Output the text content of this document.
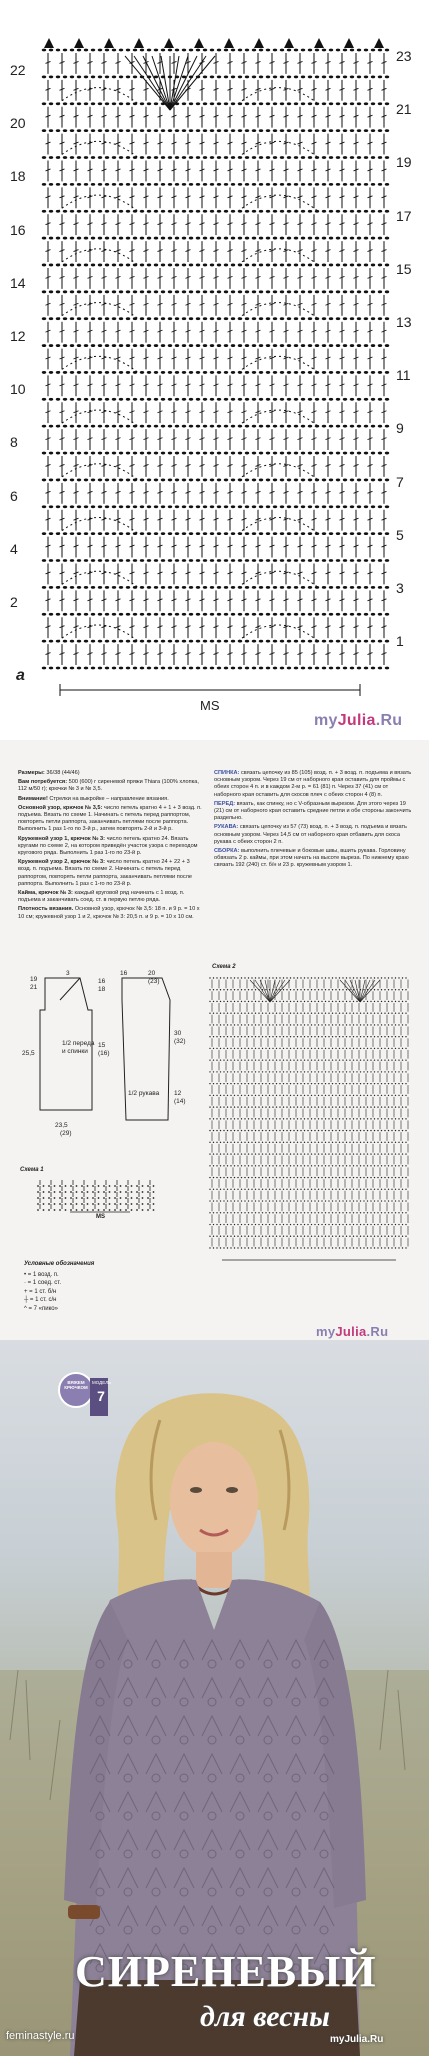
22
20
18
16
14
12
10
8
6
4
2
23
21
19
17
15
13
11
9
7
5
3
1
a
MS
myJulia.Ru

Размеры: 36/38 (44/46)

Вам потребуется: 500 (600) г сиреневой пряжи Thiara (100% хлопка, 112 м/50 г); крючки № 3 и № 3,5.

Внимание! Стрелки на выкройке – направление вязания.

Основной узор, крючок № 3,5: число петель кратно 4 + 1 + 3 возд. п. подъема. Вязать по схеме 1. Начинать с петель перед раппортом, повторять петли раппорта, заканчивать петлями после раппорта. Выполнить 1 раз 1-го по 3-й р., затем повторять 2-й и 3-й р.

Кружевной узор 1, крючок № 3: число петель кратно 24. Вязать кругами по схеме 2, на котором приведён участок узора с переходом кругового ряда. Выполнить 1 раз 1-го по 23-й р.

Кружевной узор 2, крючок № 3: число петель кратно 24 + 22 + 3 возд. п. подъема. Вязать по схеме 2. Начинать с петель перед раппортом, повторять петли раппорта, заканчивать петлями после раппорта. Выполнить 1 раз с 1-го по 23-й р.

Кайма, крючок № 3: каждый круговой ряд начинать с 1 возд. п. подъема и заканчивать соед. ст. в первую петлю ряда.

Плотность вязания. Основной узор, крючок № 3,5: 18 п. и 9 р. = 10 х 10 см; кружевной узор 1 и 2, крючок № 3: 20,5 п. и 9 р. = 10 х 10 см.

СПИНКА: связать цепочку из 85 (105) возд. п. + 3 возд. п. подъема и вязать основным узором. Через 19 см от наборного края оставить для проймы с обеих сторон 4 п. и в каждом 2-м р. = 61 (81) п. Через 37 (41) см от наборного края оставить для скосов плеч с обеих сторон 4 (8) п.

ПЕРЕД: вязать, как спинку, но с V-образным вырезом. Для этого через 19 (21) см от наборного края оставить средние петли и обе стороны закончить раздельно.

РУКАВА: связать цепочку из 57 (73) возд. п. + 3 возд. п. подъема и вязать основным узором. Через 14,5 см от наборного края отбавить для скоса рукава с обеих сторон 2 п.

СБОРКА: выполнить плечевые и боковые швы, вшить рукава. Горловину обвязать 2 р. каймы, при этом начать на высоте выреза. По нижнему краю связать 192 (240) ст. б/н и 23 р. кружевным узором 1.

Схема 1
Схема 2
MS
19
21
3
16
18
16	20
(23)
25,5
23,5
(29)
15
(16)
1/2 переда
и спинки
1/2 рукава
30
(32)
12
(14)

Условные обозначения

• = 1 возд. п.
· = 1 соед. ст.
+ = 1 ст. б/н
┼ = 1 ст. с/н
^ = 7 «пико»
myJulia.Ru
ВЯЖЕМ КРЮЧКОМ
МОДЕЛЬ
7
СИРЕНЕВЫЙ
для весны
feminastyle.ru	myJulia.Ru
